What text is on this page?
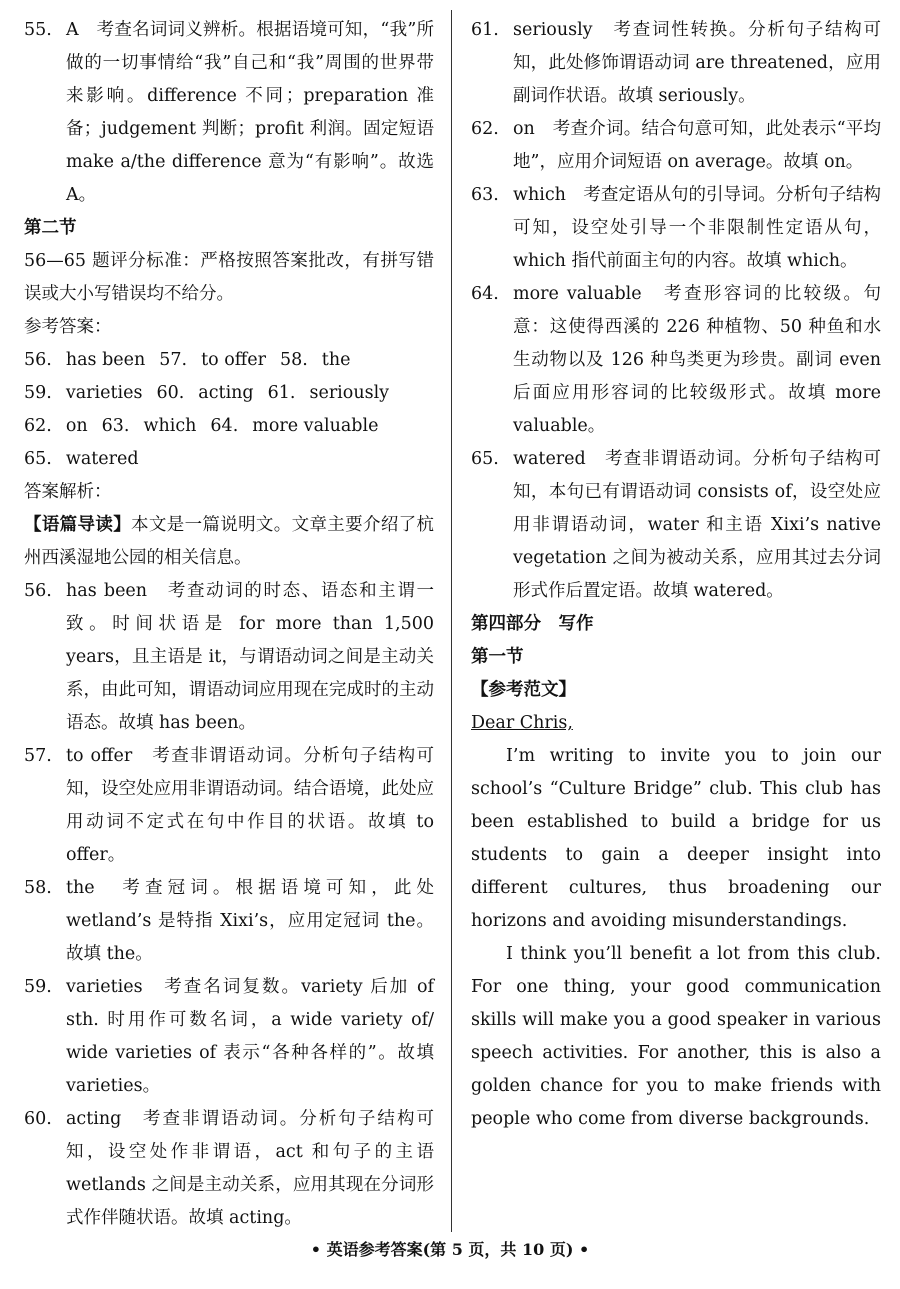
55. A　考查名词词义辨析。根据语境可知，“我”所做的一切事情给“我”自己和“我”周围的世界带来影响。difference 不同；preparation 准备；judgement 判断；profit 利润。固定短语 make a/the difference 意为“有影响”。故选 A。
第二节
56—65 题评分标准：严格按照答案批改，有拼写错误或大小写错误均不给分。
参考答案：
56. has been 57. to offer 58. the
59. varieties 60. acting 61. seriously
62. on 63. which 64. more valuable
65. watered
答案解析：
【语篇导读】本文是一篇说明文。文章主要介绍了杭州西溪湿地公园的相关信息。
56. has been　考查动词的时态、语态和主谓一致。时间状语是 for more than 1,500 years，且主语是 it，与谓语动词之间是主动关系，由此可知，谓语动词应用现在完成时的主动语态。故填 has been。
57. to offer　考查非谓语动词。分析句子结构可知，设空处应用非谓语动词。结合语境，此处应用动词不定式在句中作目的状语。故填 to offer。
58. the　考查冠词。根据语境可知，此处 wetland’s 是特指 Xixi’s，应用定冠词 the。故填 the。
59. varieties　考查名词复数。variety 后加 of sth. 时用作可数名词，a wide variety of/ wide varieties of 表示“各种各样的”。故填 varieties。
60. acting　考查非谓语动词。分析句子结构可知，设空处作非谓语，act 和句子的主语 wetlands 之间是主动关系，应用其现在分词形式作伴随状语。故填 acting。
61. seriously　考查词性转换。分析句子结构可知，此处修饰谓语动词 are threatened，应用副词作状语。故填 seriously。
62. on　考查介词。结合句意可知，此处表示“平均地”，应用介词短语 on average。故填 on。
63. which　考查定语从句的引导词。分析句子结构可知，设空处引导一个非限制性定语从句，which 指代前面主句的内容。故填 which。
64. more valuable　考查形容词的比较级。句意：这使得西溪的 226 种植物、50 种鱼和水生动物以及 126 种鸟类更为珍贵。副词 even 后面应用形容词的比较级形式。故填 more valuable。
65. watered　考查非谓语动词。分析句子结构可知，本句已有谓语动词 consists of，设空处应用非谓语动词，water 和主语 Xixi’s native vegetation 之间为被动关系，应用其过去分词形式作后置定语。故填 watered。
第四部分　写作
第一节
【参考范文】
Dear Chris,
I’m writing to invite you to join our school’s “Culture Bridge” club. This club has been established to build a bridge for us students to gain a deeper insight into different cultures, thus broadening our horizons and avoiding misunderstandings.
I think you’ll benefit a lot from this club. For one thing, your good communication skills will make you a good speaker in various speech activities. For another, this is also a golden chance for you to make friends with people who come from diverse backgrounds.
• 英语参考答案(第 5 页，共 10 页) •
